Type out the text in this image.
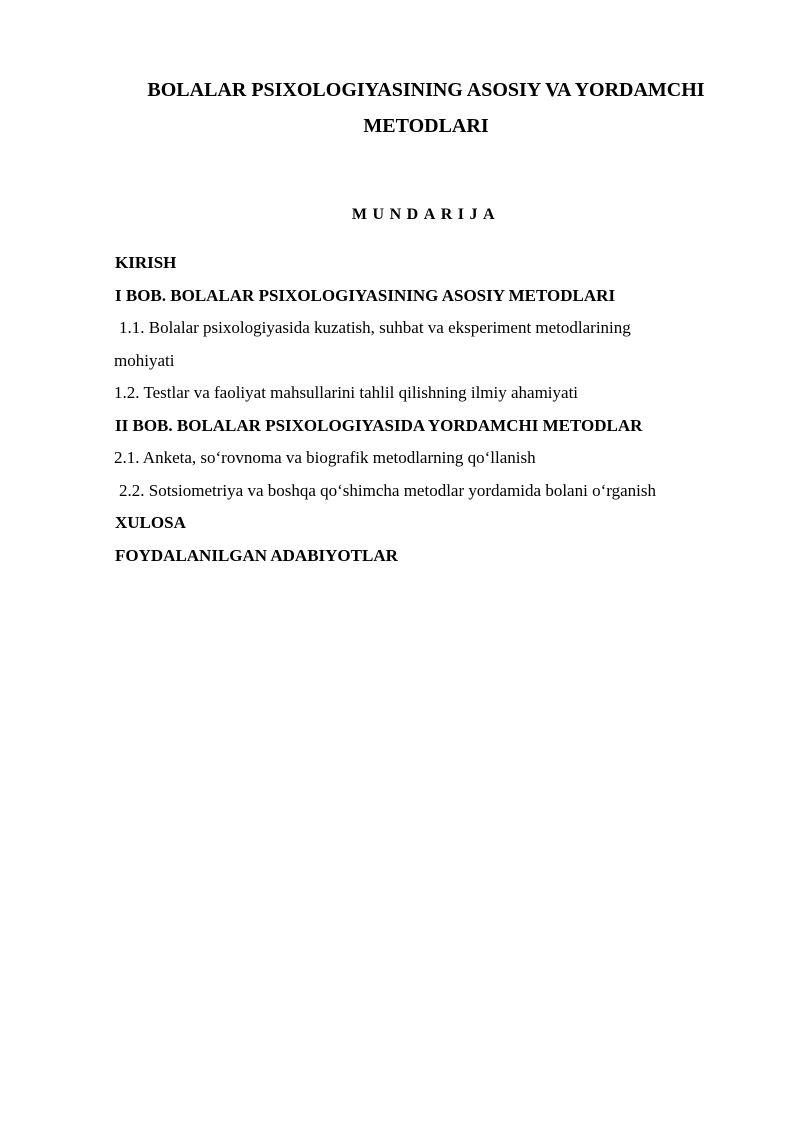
BOLALAR PSIXOLOGIYASINING ASOSIY VA YORDAMCHI
METODLARI
MUNDARIJA
KIRISH
I BOB. BOLALAR PSIXOLOGIYASINING ASOSIY METODLARI
1.1. Bolalar psixologiyasida kuzatish, suhbat va eksperiment metodlarining
mohiyati
1.2. Testlar va faoliyat mahsullarini tahlil qilishning ilmiy ahamiyati
II BOB. BOLALAR PSIXOLOGIYASIDA YORDAMCHI METODLAR
2.1. Anketa, so‘rovnoma va biografik metodlarning qo‘llanish
2.2. Sotsiometriya va boshqa qo‘shimcha metodlar yordamida bolani o‘rganish
XULOSA
FOYDALANILGAN ADABIYOTLAR
